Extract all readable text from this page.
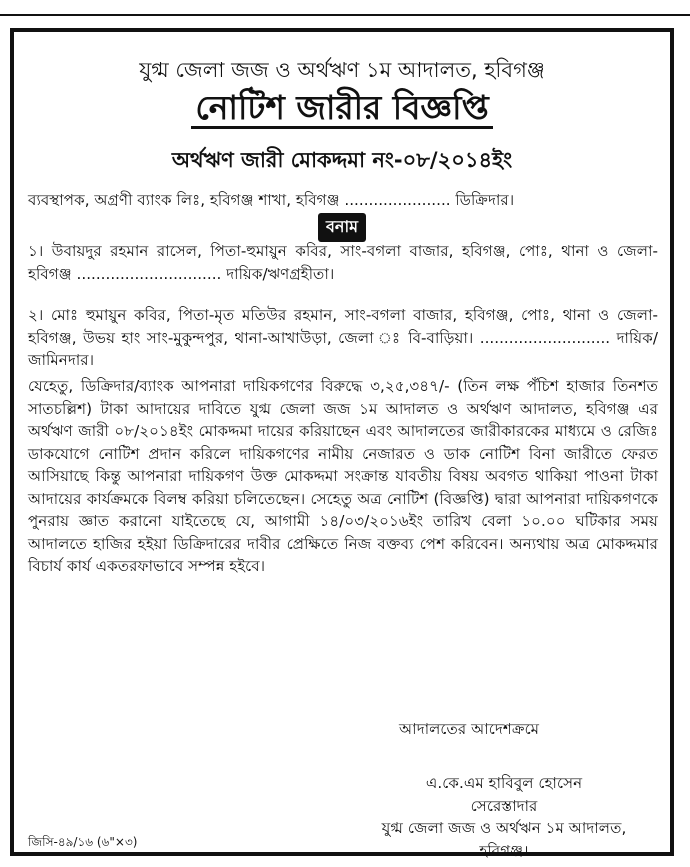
যুগ্ম জেলা জজ ও অর্থঋণ ১ম আদালত, হবিগঞ্জ
নোটিশ জারীর বিজ্ঞপ্তি
অর্থঋণ জারী মোকদ্দমা নং-০৮/২০১৪ইং
ব্যবস্থাপক, অগ্রণী ব্যাংক লিঃ, হবিগঞ্জ শাখা, হবিগঞ্জ ...................... ডিক্রিদার।
বনাম
১। উবায়দুর রহমান রাসেল, পিতা-হুমায়ুন কবির, সাং-বগলা বাজার, হবিগঞ্জ, পোঃ, থানা ও জেলা-হবিগঞ্জ .............................. দায়িক/ঋণগ্রহীতা।
২। মোঃ হুমায়ুন কবির, পিতা-মৃত মতিউর রহমান, সাং-বগলা বাজার, হবিগঞ্জ, পোঃ, থানা ও জেলা-হবিগঞ্জ, উভয় হাং সাং-মুকুন্দপুর, থানা-আখাউড়া, জেলা ঃ বি-বাড়িয়া। ........................... দায়িক/জামিনদার।
যেহেতু, ডিক্রিদার/ব্যাংক আপনারা দায়িকগণের বিরুদ্ধে ৩,২৫,৩৪৭/- (তিন লক্ষ পঁচিশ হাজার তিনশত সাতচল্লিশ) টাকা আদায়ের দাবিতে যুগ্ম জেলা জজ ১ম আদালত ও অর্থঋণ আদালত, হবিগঞ্জ এর অর্থঋণ জারী ০৮/২০১৪ইং মোকদ্দমা দায়ের করিয়াছেন এবং আদালতের জারীকারকের মাধ্যমে ও রেজিঃ ডাকযোগে নোটিশ প্রদান করিলে দায়িকগণের নামীয় নেজারত ও ডাক নোটিশ বিনা জারীতে ফেরত আসিয়াছে কিন্তু আপনারা দায়িকগণ উক্ত মোকদ্দমা সংক্রান্ত যাবতীয় বিষয় অবগত থাকিয়া পাওনা টাকা আদায়ের কার্যক্রমকে বিলম্ব করিয়া চলিতেছেন। সেহেতু অত্র নোটিশ (বিজ্ঞপ্তি) দ্বারা আপনারা দায়িকগণকে পুনরায় জ্ঞাত করানো যাইতেছে যে, আগামী ১৪/০৩/২০১৬ইং তারিখ বেলা ১০.০০ ঘটিকার সময় আদালতে হাজির হইয়া ডিক্রিদারের দাবীর প্রেক্ষিতে নিজ বক্তব্য পেশ করিবেন। অন্যথায় অত্র মোকদ্দমার বিচার্য কার্য একতরফাভাবে সম্পন্ন হইবে।
আদালতের আদেশক্রমে
এ.কে.এম হাবিবুল হোসেন
সেরেস্তাদার
যুগ্ম জেলা জজ ও অর্থঋন ১ম আদালত,
হবিগঞ্জ।
জিসি-৪৯/১৬ (৬"×৩)
